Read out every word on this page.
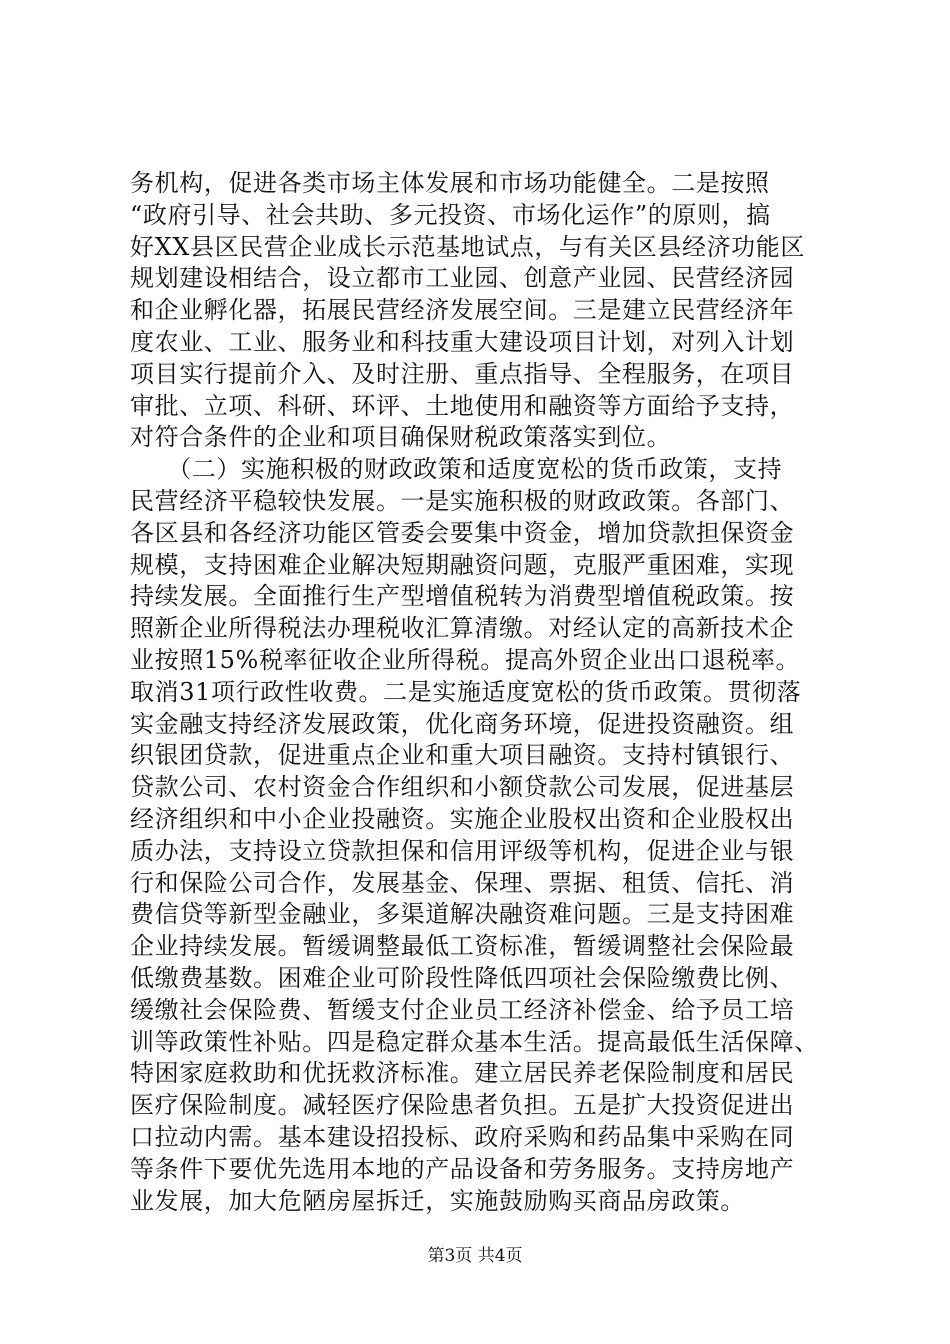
务机构，促进各类市场主体发展和市场功能健全。二是按照
“政府引导、社会共助、多元投资、市场化运作”的原则，搞
好XX县区民营企业成长示范基地试点，与有关区县经济功能区
规划建设相结合，设立都市工业园、创意产业园、民营经济园
和企业孵化器，拓展民营经济发展空间。三是建立民营经济年
度农业、工业、服务业和科技重大建设项目计划，对列入计划
项目实行提前介入、及时注册、重点指导、全程服务，在项目
审批、立项、科研、环评、土地使用和融资等方面给予支持，
对符合条件的企业和项目确保财税政策落实到位。
　　（二）实施积极的财政政策和适度宽松的货币政策，支持
民营经济平稳较快发展。一是实施积极的财政政策。各部门、
各区县和各经济功能区管委会要集中资金，增加贷款担保资金
规模，支持困难企业解决短期融资问题，克服严重困难，实现
持续发展。全面推行生产型增值税转为消费型增值税政策。按
照新企业所得税法办理税收汇算清缴。对经认定的高新技术企
业按照15%税率征收企业所得税。提高外贸企业出口退税率。
取消31项行政性收费。二是实施适度宽松的货币政策。贯彻落
实金融支持经济发展政策，优化商务环境，促进投资融资。组
织银团贷款，促进重点企业和重大项目融资。支持村镇银行、
贷款公司、农村资金合作组织和小额贷款公司发展，促进基层
经济组织和中小企业投融资。实施企业股权出资和企业股权出
质办法，支持设立贷款担保和信用评级等机构，促进企业与银
行和保险公司合作，发展基金、保理、票据、租赁、信托、消
费信贷等新型金融业，多渠道解决融资难问题。三是支持困难
企业持续发展。暂缓调整最低工资标准，暂缓调整社会保险最
低缴费基数。困难企业可阶段性降低四项社会保险缴费比例、
缓缴社会保险费、暂缓支付企业员工经济补偿金、给予员工培
训等政策性补贴。四是稳定群众基本生活。提高最低生活保障、
特困家庭救助和优抚救济标准。建立居民养老保险制度和居民
医疗保险制度。减轻医疗保险患者负担。五是扩大投资促进出
口拉动内需。基本建设招投标、政府采购和药品集中采购在同
等条件下要优先选用本地的产品设备和劳务服务。支持房地产
业发展，加大危陋房屋拆迁，实施鼓励购买商品房政策。
第3页 共4页
